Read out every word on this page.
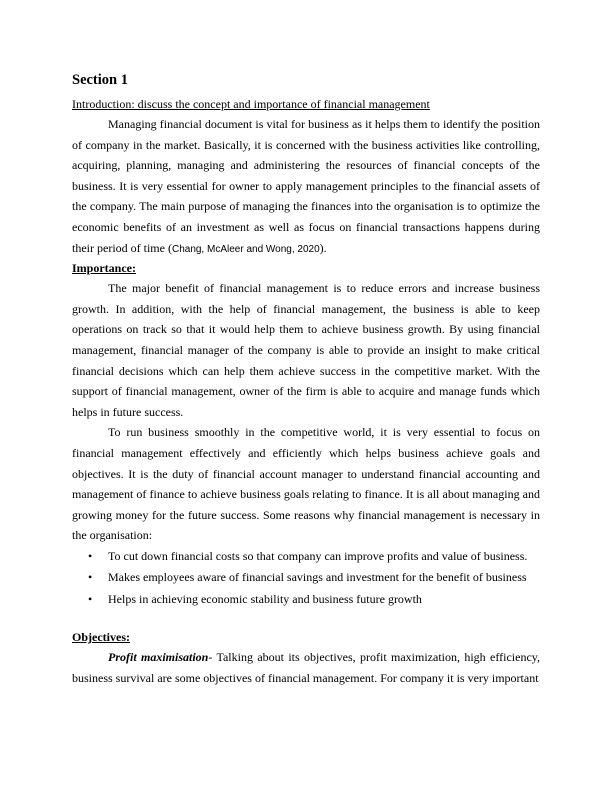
Section 1
Introduction: discuss the concept and importance of financial management

Managing financial document is vital for business as it helps them to identify the position of company in the market. Basically, it is concerned with the business activities like controlling, acquiring, planning, managing and administering the resources of financial concepts of the business. It is very essential for owner to apply management principles to the financial assets of the company. The main purpose of managing the finances into the organisation is to optimize the economic benefits of an investment as well as focus on financial transactions happens during their period of time (Chang, McAleer and Wong, 2020).

Importance:

The major benefit of financial management is to reduce errors and increase business growth. In addition, with the help of financial management, the business is able to keep operations on track so that it would help them to achieve business growth. By using financial management, financial manager of the company is able to provide an insight to make critical financial decisions which can help them achieve success in the competitive market. With the support of financial management, owner of the firm is able to acquire and manage funds which helps in future success.

To run business smoothly in the competitive world, it is very essential to focus on financial management effectively and efficiently which helps business achieve goals and objectives. It is the duty of financial account manager to understand financial accounting and management of finance to achieve business goals relating to finance. It is all about managing and growing money for the future success. Some reasons why financial management is necessary in the organisation:

• To cut down financial costs so that company can improve profits and value of business.
• Makes employees aware of financial savings and investment for the benefit of business
• Helps in achieving economic stability and business future growth
Objectives:

Profit maximisation- Talking about its objectives, profit maximization, high efficiency, business survival are some objectives of financial management. For company it is very important
